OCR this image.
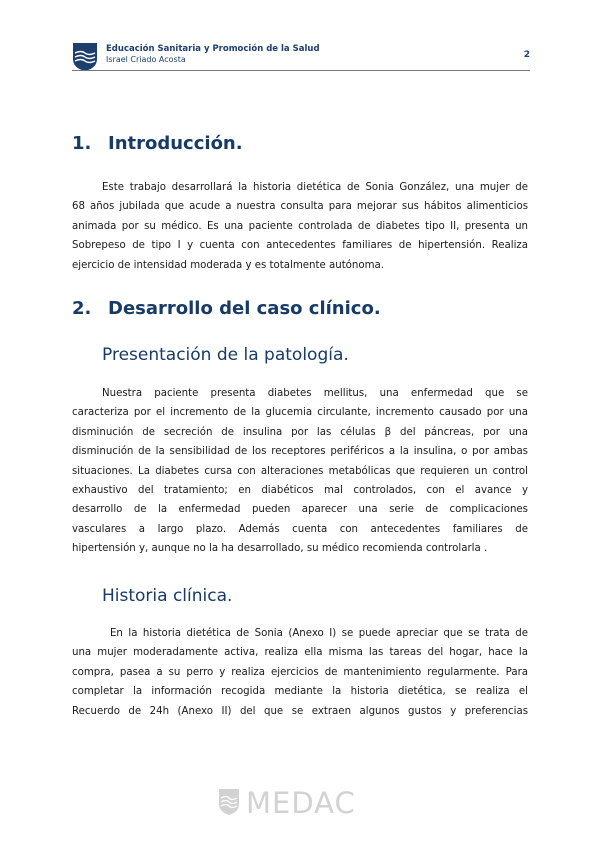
Educación Sanitaria y Promoción de la Salud
Israel Criado Acosta	2
1. Introducción.
Este trabajo desarrollará la historia dietética de Sonia González, una mujer de
68 años jubilada que acude a nuestra consulta para mejorar sus hábitos alimenticios
animada por su médico. Es una paciente controlada de diabetes tipo II, presenta un
Sobrepeso de tipo I y cuenta con antecedentes familiares de hipertensión. Realiza
ejercicio de intensidad moderada y es totalmente autónoma.
2. Desarrollo del caso clínico.
Presentación de la patología.
Nuestra paciente presenta diabetes mellitus, una enfermedad que se
caracteriza por el incremento de la glucemia circulante, incremento causado por una
disminución de secreción de insulina por las células β del páncreas, por una
disminución de la sensibilidad de los receptores periféricos a la insulina, o por ambas
situaciones. La diabetes cursa con alteraciones metabólicas que requieren un control
exhaustivo del tratamiento; en diabéticos mal controlados, con el avance y
desarrollo de la enfermedad pueden aparecer una serie de complicaciones
vasculares a largo plazo. Además cuenta con antecedentes familiares de
hipertensión y, aunque no la ha desarrollado, su médico recomienda controlarla .
Historia clínica.
En la historia dietética de Sonia (Anexo I) se puede apreciar que se trata de
una mujer moderadamente activa, realiza ella misma las tareas del hogar, hace la
compra, pasea a su perro y realiza ejercicios de mantenimiento regularmente. Para
completar la información recogida mediante la historia dietética, se realiza el
Recuerdo de 24h (Anexo II) del que se extraen algunos gustos y preferencias
MEDAC
